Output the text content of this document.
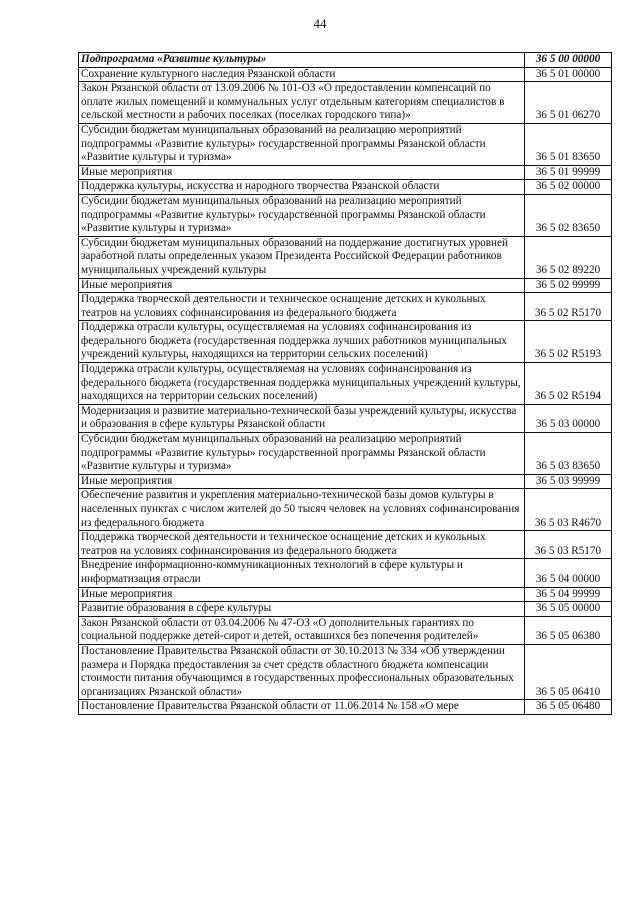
44
Подпрограмма «Развитие культуры»	36 5 00 00000
Сохранение культурного наследия Рязанской области	36 5 01 00000
Закон Рязанской области от 13.09.2006 № 101-ОЗ «О предоставлении компенсаций по оплате жилых помещений и коммунальных услуг отдельным категориям специалистов в сельской местности и рабочих поселках (поселках городского типа)»	36 5 01 06270
Субсидии бюджетам муниципальных образований на реализацию мероприятий подпрограммы «Развитие культуры» государственной программы Рязанской области «Развитие культуры и туризма»	36 5 01 83650
Иные мероприятия	36 5 01 99999
Поддержка культуры, искусства и народного творчества Рязанской области	36 5 02 00000
Субсидии бюджетам муниципальных образований на реализацию мероприятий подпрограммы «Развитие культуры» государственной программы Рязанской области «Развитие культуры и туризма»	36 5 02 83650
Субсидии бюджетам муниципальных образований на поддержание достигнутых уровней заработной платы определенных указом Президента Российской Федерации работников муниципальных учреждений культуры	36 5 02 89220
Иные мероприятия	36 5 02 99999
Поддержка творческой деятельности и техническое оснащение детских и кукольных театров на условиях софинансирования из федерального бюджета	36 5 02 R5170
Поддержка отрасли культуры, осуществляемая на условиях софинансирования из федерального бюджета (государственная поддержка лучших работников муниципальных учреждений культуры, находящихся на территории сельских поселений)	36 5 02 R5193
Поддержка отрасли культуры, осуществляемая на условиях софинансирования из федерального бюджета (государственная поддержка муниципальных учреждений культуры, находящихся на территории сельских поселений)	36 5 02 R5194
Модернизация и развитие материально-технической базы учреждений культуры, искусства и образования в сфере культуры Рязанской области	36 5 03 00000
Субсидии бюджетам муниципальных образований на реализацию мероприятий подпрограммы «Развитие культуры» государственной программы Рязанской области «Развитие культуры и туризма»	36 5 03 83650
Иные мероприятия	36 5 03 99999
Обеспечение развития и укрепления материально-технической базы домов культуры в населенных пунктах с числом жителей до 50 тысяч человек на условиях софинансирования из федерального бюджета	36 5 03 R4670
Поддержка творческой деятельности и техническое оснащение детских и кукольных театров на условиях софинансирования из федерального бюджета	36 5 03 R5170
Внедрение информационно-коммуникационных технологий в сфере культуры и информатизация отрасли	36 5 04 00000
Иные мероприятия	36 5 04 99999
Развитие образования в сфере культуры	36 5 05 00000
Закон Рязанской области от 03.04.2006 № 47-ОЗ «О дополнительных гарантиях по социальной поддержке детей-сирот и детей, оставшихся без попечения родителей»	36 5 05 06380
Постановление Правительства Рязанской области от 30.10.2013 № 334 «Об утверждении размера и Порядка предоставления за счет средств областного бюджета компенсации стоимости питания обучающимся в государственных профессиональных образовательных организациях Рязанской области»	36 5 05 06410
Постановление Правительства Рязанской области от 11.06.2014 № 158 «О мере	36 5 05 06480
